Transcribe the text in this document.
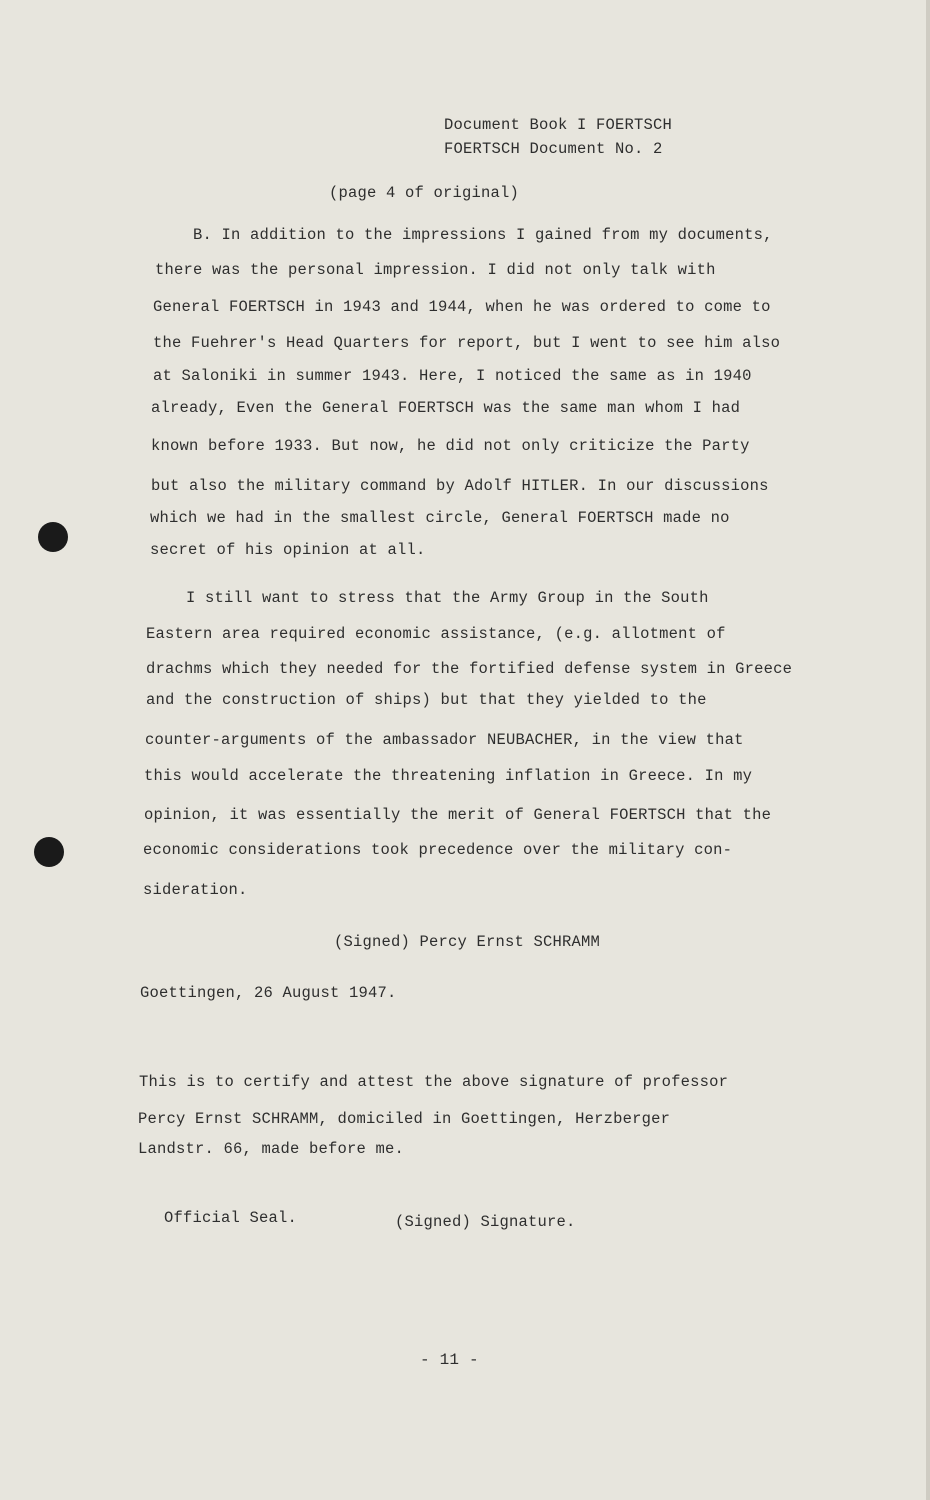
Document Book I FOERTSCH
FOERTSCH Document No. 2
(page 4 of original)
B. In addition to the impressions I gained from my documents,
there was the personal impression. I did not only talk with
General FOERTSCH in 1943 and 1944, when he was ordered to come to
the Fuehrer's Head Quarters for report, but I went to see him also
at Saloniki in summer 1943. Here, I noticed the same as in 1940
already, Even the General FOERTSCH was the same man whom I had
known before 1933. But now, he did not only criticize the Party
but also the military command by Adolf HITLER. In our discussions
which we had in the smallest circle, General FOERTSCH made no
secret of his opinion at all.
I still want to stress that the Army Group in the South
Eastern area required economic assistance, (e.g. allotment of
drachms which they needed for the fortified defense system in Greece
and the construction of ships) but that they yielded to the
counter-arguments of the ambassador NEUBACHER, in the view that
this would accelerate the threatening inflation in Greece. In my
opinion, it was essentially the merit of General FOERTSCH that the
economic considerations took precedence over the military con-
sideration.
(Signed) Percy Ernst SCHRAMM
Goettingen, 26 August 1947.
This is to certify and attest the above signature of professor
Percy Ernst SCHRAMM, domiciled in Goettingen, Herzberger
Landstr. 66, made before me.
Official Seal.	(Signed) Signature.
- 11 -
